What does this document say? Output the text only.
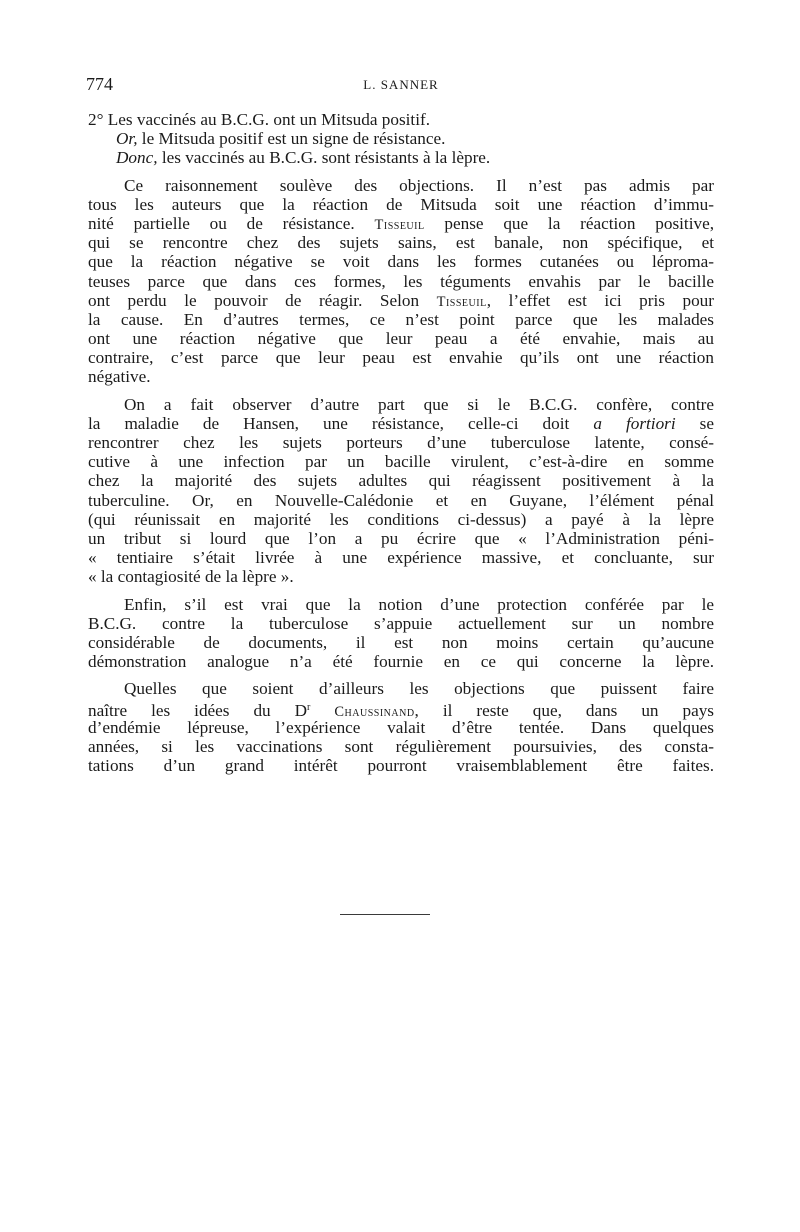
774	L. SANNER
2° Les vaccinés au B.C.G. ont un Mitsuda positif.
Or, le Mitsuda positif est un signe de résistance.
Donc, les vaccinés au B.C.G. sont résistants à la lèpre.
Ce raisonnement soulève des objections. Il n’est pas admis par
tous les auteurs que la réaction de Mitsuda soit une réaction d’immu-
nité partielle ou de résistance. Tisseuil pense que la réaction positive,
qui se rencontre chez des sujets sains, est banale, non spécifique, et
que la réaction négative se voit dans les formes cutanées ou lépromа-
teuses parce que dans ces formes, les téguments envahis par le bacille
ont perdu le pouvoir de réagir. Selon Tisseuil, l’effet est ici pris pour
la cause. En d’autres termes, ce n’est point parce que les malades
ont une réaction négative que leur peau a été envahie, mais au
contraire, c’est parce que leur peau est envahie qu’ils ont une réaction
négative.
On a fait observer d’autre part que si le B.C.G. confère, contre
la maladie de Hansen, une résistance, celle-ci doit a fortiori se
rencontrer chez les sujets porteurs d’une tuberculose latente, consé-
cutive à une infection par un bacille virulent, c’est-à-dire en somme
chez la majorité des sujets adultes qui réagissent positivement à la
tuberculine. Or, en Nouvelle-Calédonie et en Guyane, l’élément pénal
(qui réunissait en majorité les conditions ci-dessus) a payé à la lèpre
un tribut si lourd que l’on a pu écrire que « l’Administration péni-
« tentiaire s’était livrée à une expérience massive, et concluante, sur
« la contagiosité de la lèpre ».
Enfin, s’il est vrai que la notion d’une protection conférée par le
B.C.G. contre la tuberculose s’appuie actuellement sur un nombre
considérable de documents, il est non moins certain qu’aucune
démonstration analogue n’a été fournie en ce qui concerne la lèpre.
Quelles que soient d’ailleurs les objections que puissent faire
naître les idées du $D^r$ Chaussinand, il reste que, dans un pays
d’endémie lépreuse, l’expérience valait d’être tentée. Dans quelques
années, si les vaccinations sont régulièrement poursuivies, des consta-
tations d’un grand intérêt pourront vraisemblablement être faites.
